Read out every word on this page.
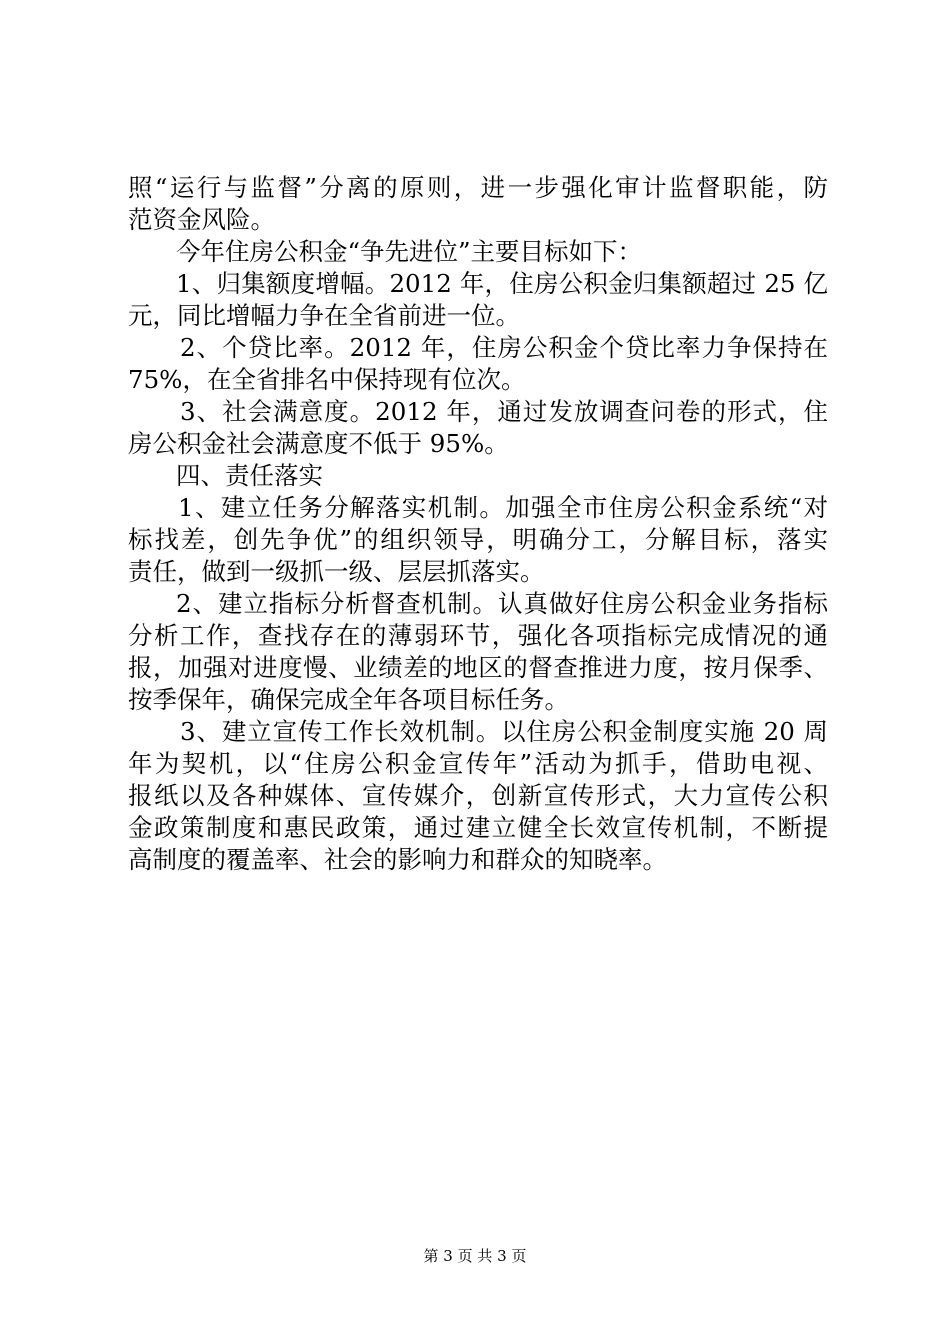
照“运行与监督”分离的原则，进一步强化审计监督职能，防
范资金风险。
今年住房公积金“争先进位”主要目标如下：
1、归集额度增幅。2012 年，住房公积金归集额超过 25 亿
元，同比增幅力争在全省前进一位。
2、个贷比率。2012 年，住房公积金个贷比率力争保持在
75%，在全省排名中保持现有位次。
3、社会满意度。2012 年，通过发放调查问卷的形式，住
房公积金社会满意度不低于 95%。
四、责任落实
1、建立任务分解落实机制。加强全市住房公积金系统“对
标找差，创先争优”的组织领导，明确分工，分解目标，落实
责任，做到一级抓一级、层层抓落实。
2、建立指标分析督查机制。认真做好住房公积金业务指标
分析工作，查找存在的薄弱环节，强化各项指标完成情况的通
报，加强对进度慢、业绩差的地区的督查推进力度，按月保季、
按季保年，确保完成全年各项目标任务。
3、建立宣传工作长效机制。以住房公积金制度实施 20 周
年为契机，以“住房公积金宣传年”活动为抓手，借助电视、
报纸以及各种媒体、宣传媒介，创新宣传形式，大力宣传公积
金政策制度和惠民政策，通过建立健全长效宣传机制，不断提
高制度的覆盖率、社会的影响力和群众的知晓率。
第 3 页 共 3 页
